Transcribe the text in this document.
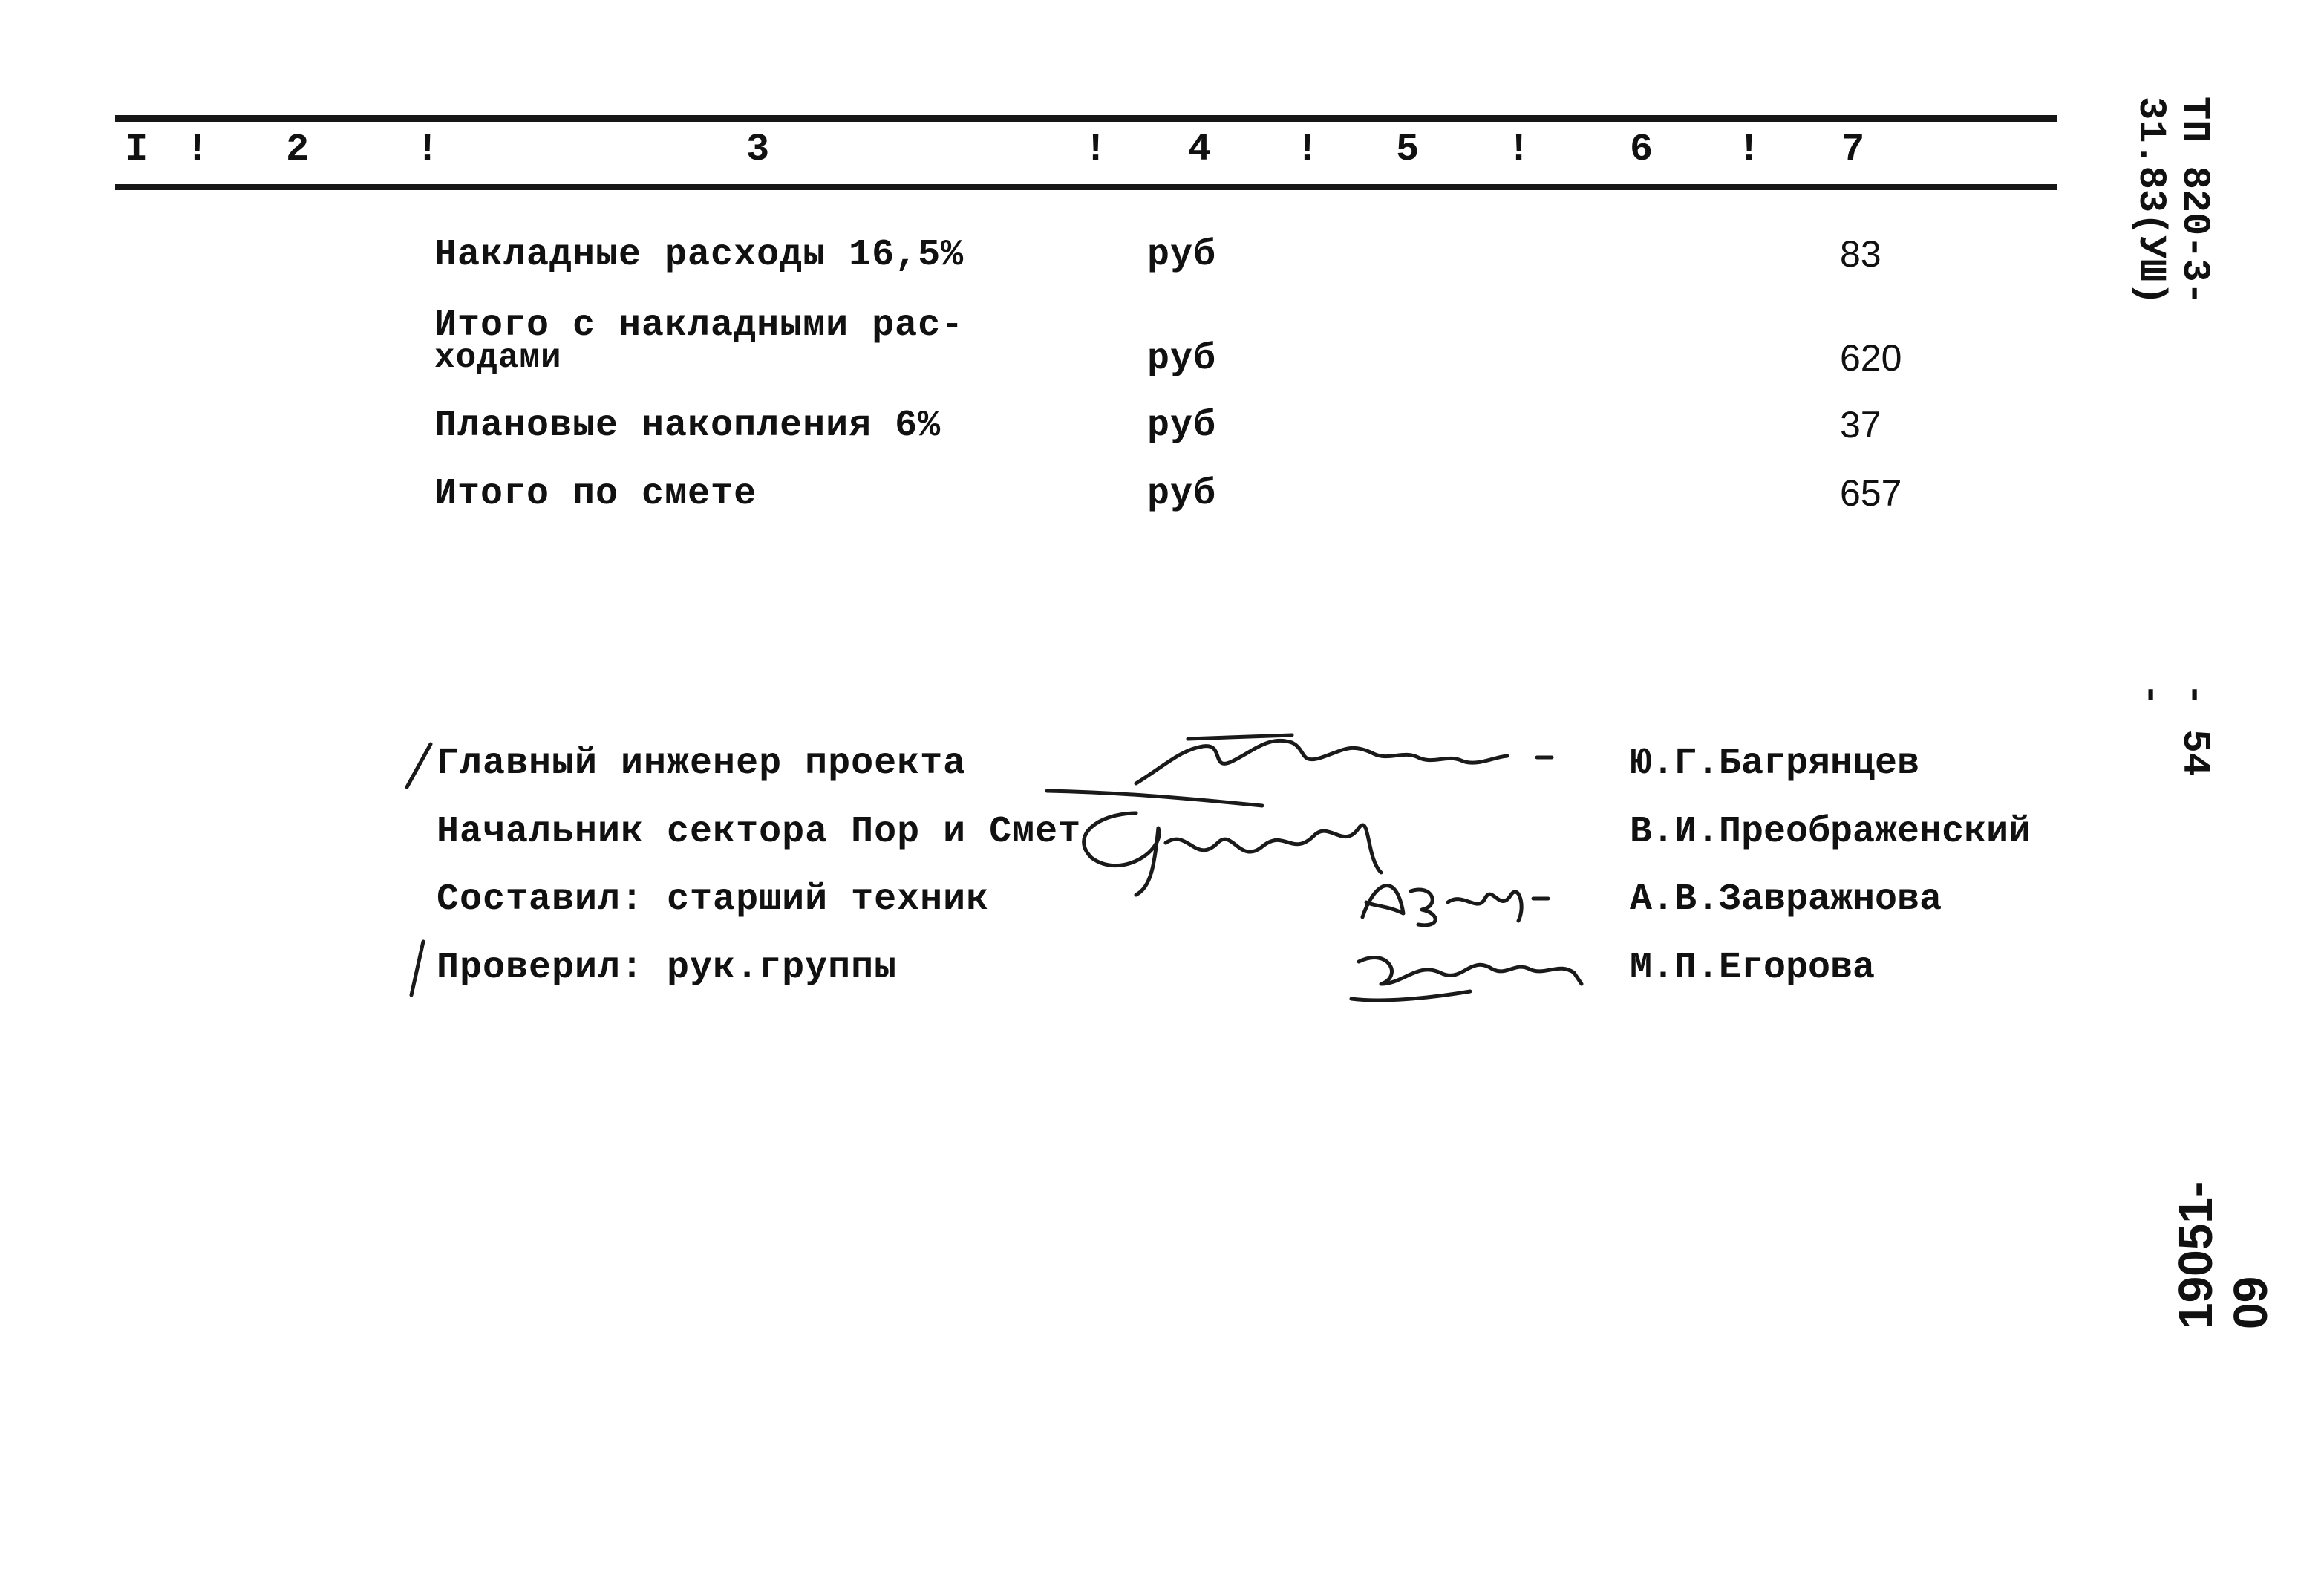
I ! 2	!	3	! 4 ! 5 !	6 ! 7
Накладные расходы 16,5%	руб	83
Итого с накладными рас-
ходами	руб	620
Плановые накопления 6%	руб	37
Итого по смете	руб	657
Главный инженер проекта	Ю.Г.Багрянцев
Начальник сектора Пор и Смет	В.И.Преображенский
Составил: старший техник	А.В.Завражнова
Проверил: рук.группы	М.П.Егорова
ТП 820-3-31.83(УШ)
- 54 -
19051-09
